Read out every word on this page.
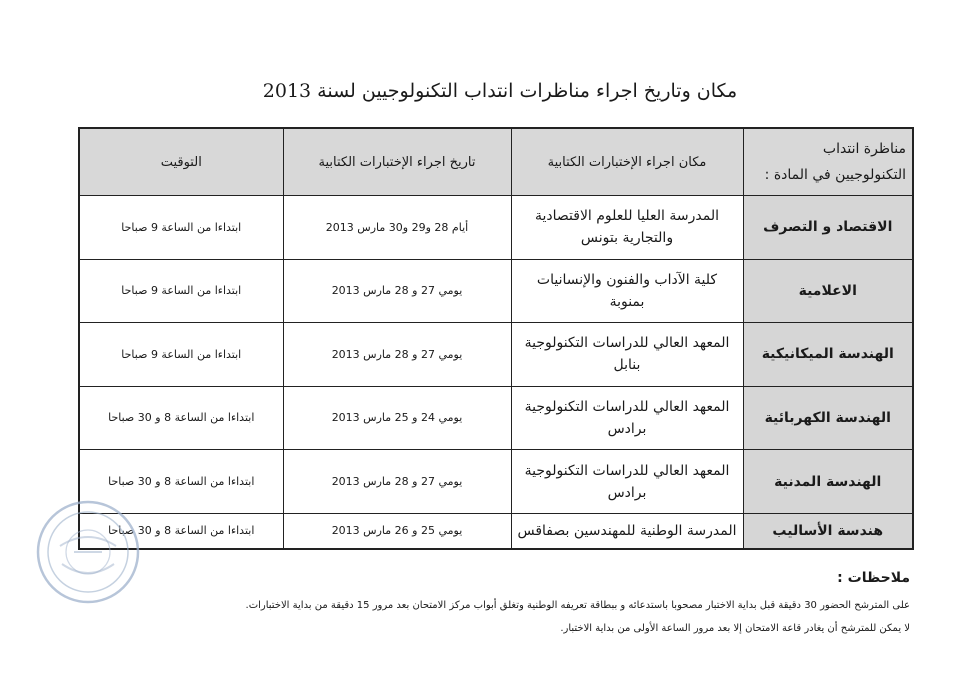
مكان وتاريخ اجراء مناظرات انتداب التكنولوجيين لسنة 2013
مناظرة انتداب التكنولوجيين في المادة :	مكان اجراء الإختبارات الكتابية	تاريخ اجراء الإختبارات الكتابية	التوقيت
الاقتصاد و التصرف	المدرسة العليا للعلوم الاقتصادية والتجارية بتونس	أيام 28 و29 و30 مارس 2013	ابتداءا من الساعة 9 صباحا
الاعلامية	كلية الآداب والفنون والإنسانيات بمنوبة	يومي 27 و 28 مارس 2013	ابتداءا من الساعة 9 صباحا
الهندسة الميكانيكية	المعهد العالي للدراسات التكنولوجية بنابل	يومي 27 و 28 مارس 2013	ابتداءا من الساعة 9 صباحا
الهندسة الكهربائية	المعهد العالي للدراسات التكنولوجية برادس	يومي 24 و 25 مارس 2013	ابتداءا من الساعة 8 و 30 صباحا
الهندسة المدنية	المعهد العالي للدراسات التكنولوجية برادس	يومي 27 و 28 مارس 2013	ابتداءا من الساعة 8 و 30 صباحا
هندسة الأساليب	المدرسة الوطنية للمهندسين بصفاقس	يومي 25 و 26 مارس 2013	ابتداءا من الساعة 8 و 30 صباحا
ملاحظات :
على المترشح الحضور 30 دقيقة قبل بداية الاختبار مصحوبا باستدعائه و ببطاقة تعريفه الوطنية وتغلق أبواب مركز الامتحان بعد مرور 15 دقيقة من بداية الاختبارات.
لا يمكن للمترشح أن يغادر قاعة الامتحان إلا بعد مرور الساعة الأولى من بداية الاختبار.
